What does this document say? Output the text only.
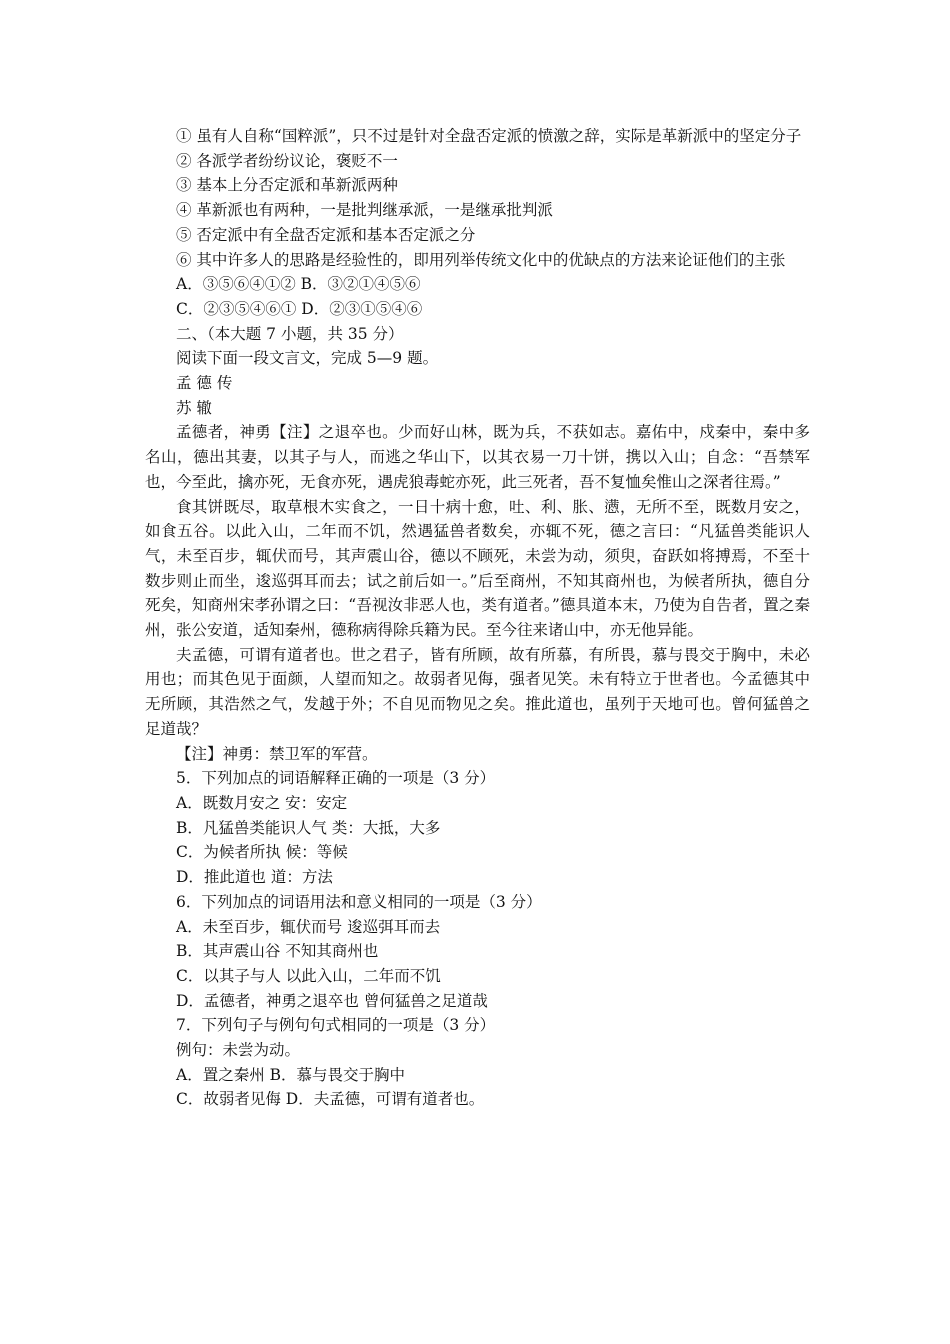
① 虽有人自称“国粹派”，只不过是针对全盘否定派的愤激之辞，实际是革新派中的坚定分子

② 各派学者纷纷议论，褒贬不一

③ 基本上分否定派和革新派两种

④ 革新派也有两种，一是批判继承派，一是继承批判派

⑤ 否定派中有全盘否定派和基本否定派之分

⑥ 其中许多人的思路是经验性的，即用列举传统文化中的优缺点的方法来论证他们的主张

A．③⑤⑥④①② B．③②①④⑤⑥

C．②③⑤④⑥① D．②③①⑤④⑥

二、（本大题 7 小题，共 35 分）

阅读下面一段文言文，完成 5—9 题。

孟 德 传

苏 辙

孟德者，神勇【注】之退卒也。少而好山林，既为兵，不获如志。嘉佑中，戍秦中，秦中多名山，德出其妻，以其子与人，而逃之华山下，以其衣易一刀十饼，携以入山；自念：“吾禁军也，今至此，擒亦死，无食亦死，遇虎狼毒蛇亦死，此三死者，吾不复恤矣惟山之深者往焉。”

食其饼既尽，取草根木实食之，一日十病十愈，吐、利、胀、懑，无所不至，既数月安之，如食五谷。以此入山，二年而不饥，然遇猛兽者数矣，亦辄不死，德之言曰：“凡猛兽类能识人气，未至百步，辄伏而号，其声震山谷，德以不顾死，未尝为动，须臾，奋跃如将搏焉，不至十数步则止而坐，逡巡弭耳而去；试之前后如一。”后至商州，不知其商州也，为候者所执，德自分死矣，知商州宋孝孙谓之曰：“吾视汝非恶人也，类有道者。”德具道本末，乃使为自告者，置之秦州，张公安道，适知秦州，德称病得除兵籍为民。至今往来诸山中，亦无他异能。

夫孟德，可谓有道者也。世之君子，皆有所顾，故有所慕，有所畏，慕与畏交于胸中，未必用也；而其色见于面颜，人望而知之。故弱者见侮，强者见笑。未有特立于世者也。今孟德其中无所顾，其浩然之气，发越于外；不自见而物见之矣。推此道也，虽列于天地可也。曾何猛兽之足道哉？

【注】神勇：禁卫军的军营。

5．下列加点的词语解释正确的一项是（3 分）

A．既数月安之 安：安定

B．凡猛兽类能识人气 类：大抵，大多

C．为候者所执 候：等候

D．推此道也 道：方法

6．下列加点的词语用法和意义相同的一项是（3 分）

A．未至百步，辄伏而号 逡巡弭耳而去

B．其声震山谷 不知其商州也

C．以其子与人 以此入山，二年而不饥

D．孟德者，神勇之退卒也 曾何猛兽之足道哉

7．下列句子与例句句式相同的一项是（3 分）

例句：未尝为动。

A．置之秦州 B．慕与畏交于胸中

C．故弱者见侮 D．夫孟德，可谓有道者也。
